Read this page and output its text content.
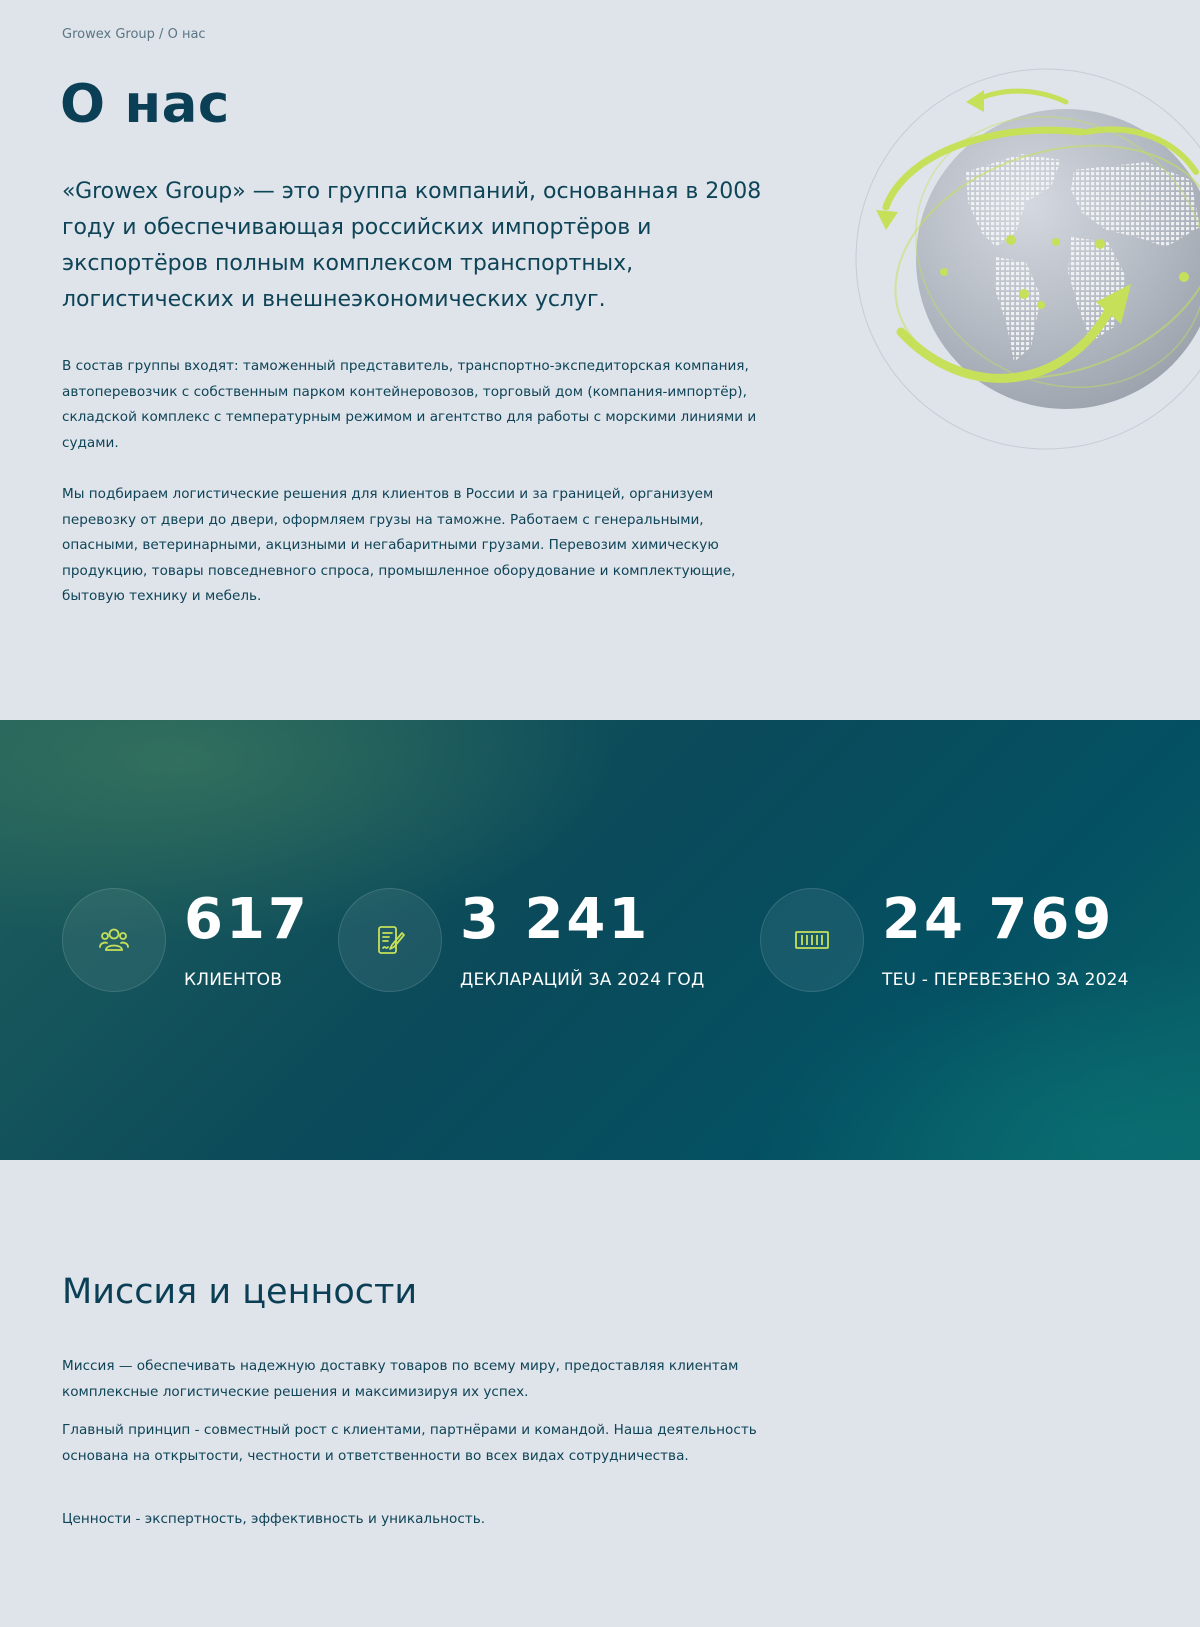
Growex Group / О нас
О нас

«Growex Group» — это группа компаний, основанная в 2008 году и обеспечивающая российских импортёров и экспортёров полным комплексом транспортных, логистических и внешнеэкономических услуг.

В состав группы входят: таможенный представитель, транспортно-экспедиторская компания, автоперевозчик с собственным парком контейнеровозов, торговый дом (компания-импортёр), складской комплекс с температурным режимом и агентство для работы с морскими линиями и судами.

Мы подбираем логистические решения для клиентов в России и за границей, организуем перевозку от двери до двери, оформляем грузы на таможне. Работаем с генеральными, опасными, ветеринарными, акцизными и негабаритными грузами. Перевозим химическую продукцию, товары повседневного спроса, промышленное оборудование и комплектующие, бытовую технику и мебель.

617
КЛИЕНТОВ
3 241
ДЕКЛАРАЦИЙ ЗА 2024 ГОД
24 769
TEU - ПЕРЕВЕЗЕНО ЗА 2024
Миссия и ценности

Миссия — обеспечивать надежную доставку товаров по всему миру, предоставляя клиентам комплексные логистические решения и максимизируя их успех.

Главный принцип - совместный рост с клиентами, партнёрами и командой. Наша деятельность основана на открытости, честности и ответственности во всех видах сотрудничества.

Ценности - экспертность, эффективность и уникальность.
